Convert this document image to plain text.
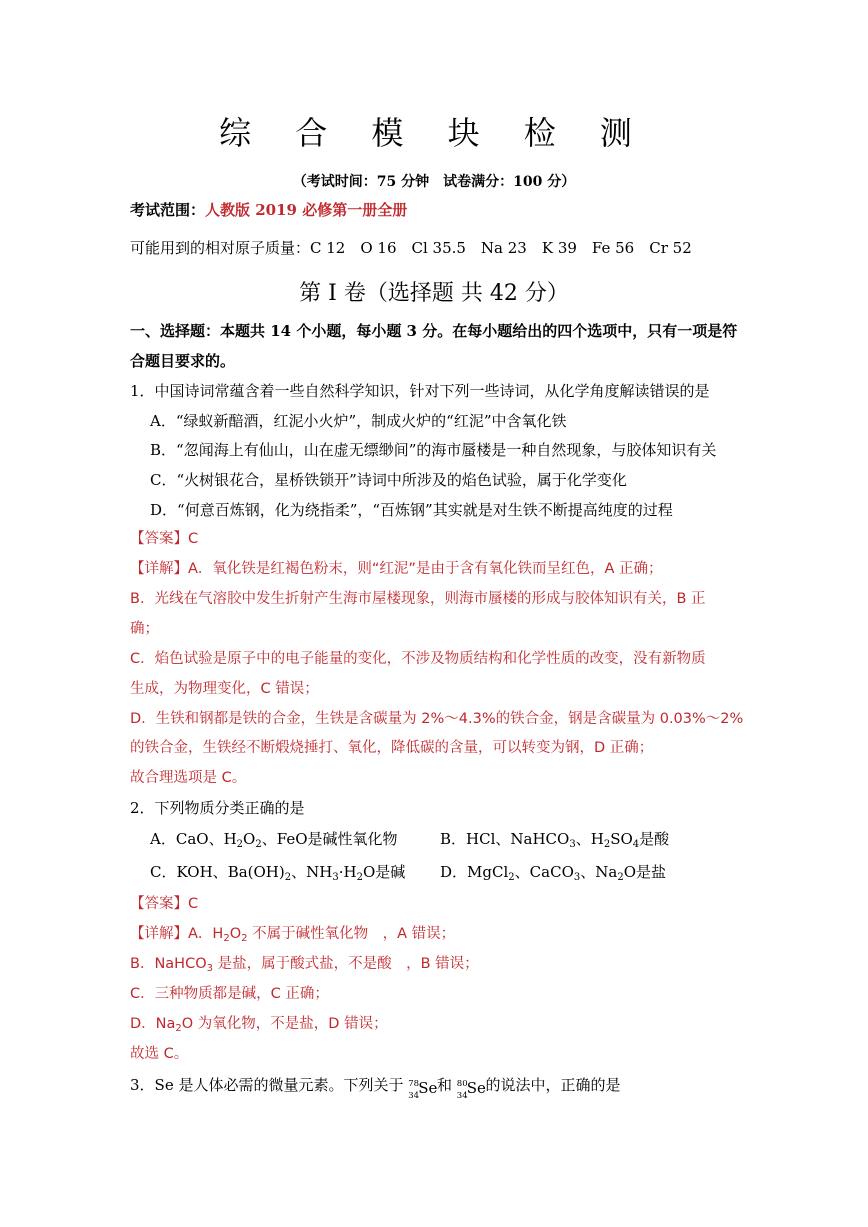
综 合 模 块 检 测
（考试时间：75 分钟　试卷满分：100 分）
考试范围：人教版 2019 必修第一册全册
可能用到的相对原子质量：C 12　O 16　Cl 35.5　Na 23　K 39　Fe 56　Cr 52
第 I 卷（选择题 共 42 分）
一、选择题：本题共 14 个小题，每小题 3 分。在每小题给出的四个选项中，只有一项是符
合题目要求的。
1．中国诗词常蕴含着一些自然科学知识，针对下列一些诗词，从化学角度解读错误的是
A．“绿蚁新醅酒，红泥小火炉”，制成火炉的“红泥”中含氧化铁
B．“忽闻海上有仙山，山在虚无缥缈间”的海市蜃楼是一种自然现象，与胶体知识有关
C．“火树银花合，星桥铁锁开”诗词中所涉及的焰色试验，属于化学变化
D．“何意百炼钢，化为绕指柔”，“百炼钢”其实就是对生铁不断提高纯度的过程
【答案】C
【详解】A．氧化铁是红褐色粉末，则“红泥”是由于含有氧化铁而呈红色，A 正确；
B．光线在气溶胶中发生折射产生海市屋楼现象，则海市蜃楼的形成与胶体知识有关，B 正
确；
C．焰色试验是原子中的电子能量的变化，不涉及物质结构和化学性质的改变，没有新物质
生成，为物理变化，C 错误；
D．生铁和钢都是铁的合金，生铁是含碳量为 2%～4.3%的铁合金，钢是含碳量为 0.03%～2%
的铁合金，生铁经不断煅烧捶打、氧化，降低碳的含量，可以转变为钢，D 正确；
故合理选项是 C。
2．下列物质分类正确的是
A．CaO、$H_2O_2$、FeO是碱性氧化物	B．HCl、NaHCO$_3$、$H_2SO_4$是酸
C．KOH、$Ba(OH)_2$、$NH_3\cdot H_2O$是碱 D．MgCl$_2$、CaCO$_3$、$Na_2O$是盐
【答案】C
【详解】A．$H_2O_2$ 不属于碱性氧化物　，A 错误；
B．NaHCO$_3$ 是盐，属于酸式盐，不是酸　，B 错误；
C．三种物质都是碱，C 正确；
D．$Na_2O$ 为氧化物，不是盐，D 错误；
故选 C。
3．Se 是人体必需的微量元素。下列关于 78
34 Se
和 80
34 Se
的说法中，正确的是
